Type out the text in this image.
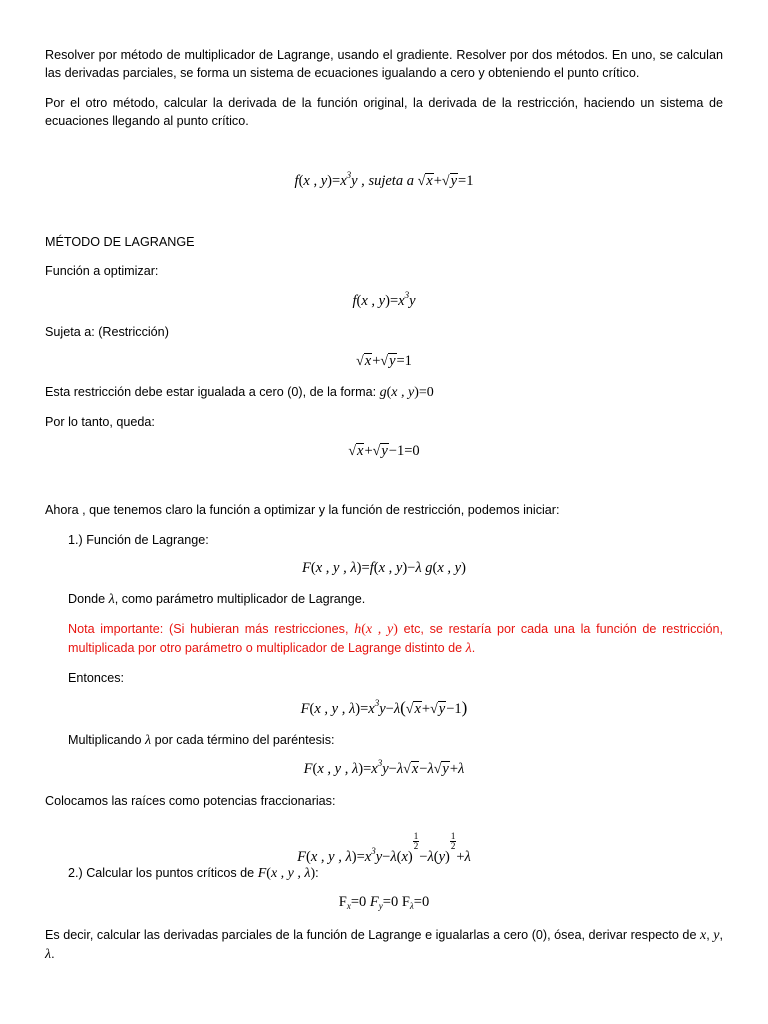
Resolver por método de multiplicador de Lagrange, usando el gradiente. Resolver por dos métodos. En uno, se calculan las derivadas parciales, se forma un sistema de ecuaciones igualando a cero y obteniendo el punto crítico.
Por el otro método, calcular la derivada de la función original, la derivada de la restricción, haciendo un sistema de ecuaciones llegando al punto crítico.
f(x , $y)=x^3y$ , sujeta a √x+√y=1
MÉTODO DE LAGRANGE
Función a optimizar:
f(x , $y)=x^3y$
Sujeta a: (Restricción)
√x+√y=1
Esta restricción debe estar igualada a cero (0), de la forma: g(x , y)=0
Por lo tanto, queda:
√x+√y−1=0
Ahora , que tenemos claro la función a optimizar y la función de restricción, podemos iniciar:
1.) Función de Lagrange:
F(x , y , λ)=f(x , y)−λ g(x , y)
Donde λ, como parámetro multiplicador de Lagrange.
Nota importante: (Si hubieran más restricciones, h(x , y) etc, se restaría por cada una la función de restricción, multiplicada por otro parámetro o multiplicador de Lagrange distinto de λ.
Entonces:
F(x , y , $\lambda)=x^3y-\lambda(√x+√y-1)$
Multiplicando λ por cada término del paréntesis:
F(x , y , $\lambda)=x^3y-\lambda√x-\lambda√y+\lambda$
Colocamos las raíces como potencias fraccionarias:
F(x , y , $\lambda)=x^3y-\lambda(x)$
$\frac{1}{2}$
−λ(y)
$\frac{1}{2}$
+λ
2.) Calcular los puntos críticos de F(x , y , λ):
$F_x=0$ $F_y=0$ $F_\lambda=0$
Es decir, calcular las derivadas parciales de la función de Lagrange e igualarlas a cero (0), ósea, derivar respecto de x, y, λ.
